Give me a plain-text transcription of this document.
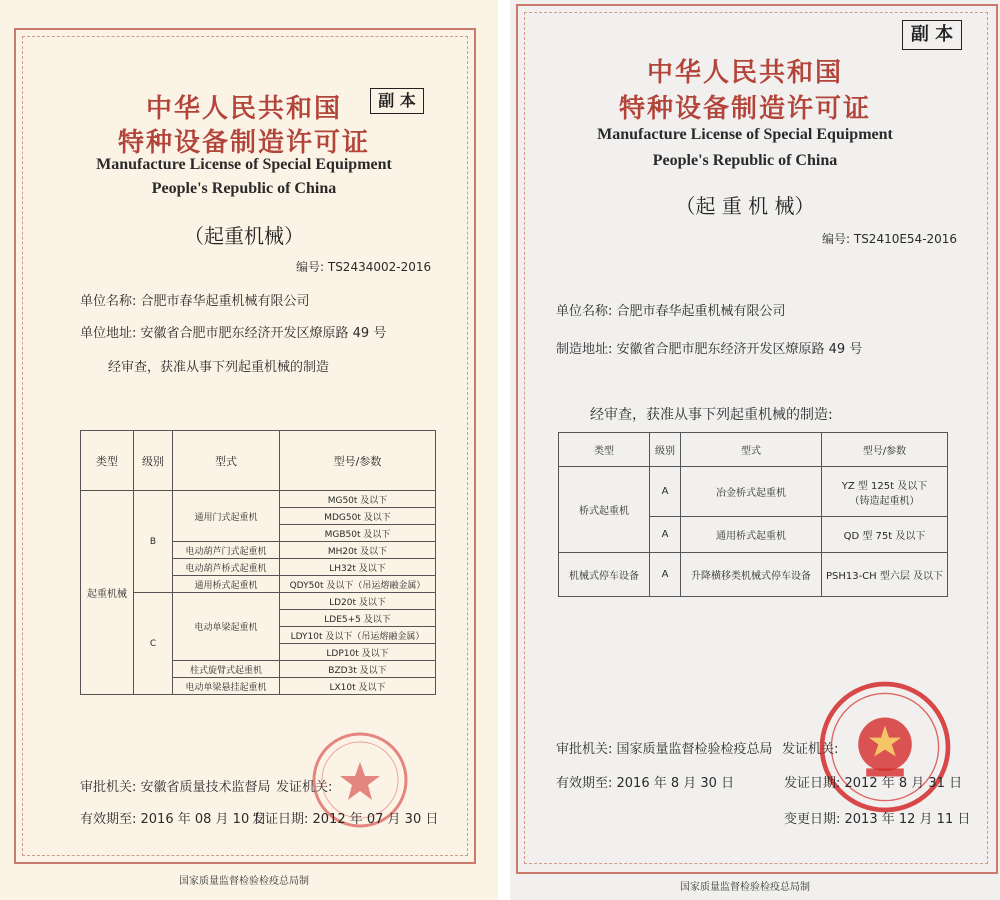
中华人民共和国
特种设备制造许可证
副 本
Manufacture License of Special Equipment
People's Republic of China
（起重机械）
编号: TS2434002-2016
单位名称: 合肥市春华起重机械有限公司
单位地址: 安徽省合肥市肥东经济开发区燎原路 49 号
经审查，获准从事下列起重机械的制造
类型	级别	型式	型号/参数
起重机械	B	通用门式起重机	MG50t 及以下
			MDG50t 及以下
			MGB50t 及以下
		电动葫芦门式起重机	MH20t 及以下
		电动葫芦桥式起重机	LH32t 及以下
		通用桥式起重机	QDY50t 及以下（吊运熔融金属）
	C	电动单梁起重机	LD20t 及以下
			LDE5+5 及以下
			LDY10t 及以下（吊运熔融金属）
			LDP10t 及以下
		柱式旋臂式起重机	BZD3t 及以下
		电动单梁悬挂起重机	LX10t 及以下
审批机关: 安徽省质量技术监督局 发证机关:
有效期至: 2016 年 08 月 10 日
发证日期: 2012 年 07 月 30 日
国家质量监督检验检疫总局制
副 本
中华人民共和国
特种设备制造许可证
Manufacture License of Special Equipment
People's Republic of China
（起 重 机 械）
编号: TS2410E54-2016
单位名称: 合肥市春华起重机械有限公司
制造地址: 安徽省合肥市肥东经济开发区燎原路 49 号
经审查，获准从事下列起重机械的制造:
类型	级别	型式	型号/参数
桥式起重机	A	冶金桥式起重机	YZ 型 125t 及以下
（铸造起重机）

	A	通用桥式起重机	QD 型 75t 及以下
机械式停车设备	A	升降横移类机械式停车设备	PSH13-CH 型六层 及以下
审批机关: 国家质量监督检验检疫总局 发证机关:
有效期至: 2016 年 8 月 30 日	发证日期: 2012 年 8 月 31 日
变更日期: 2013 年 12 月 11 日
国家质量监督检验检疫总局制
